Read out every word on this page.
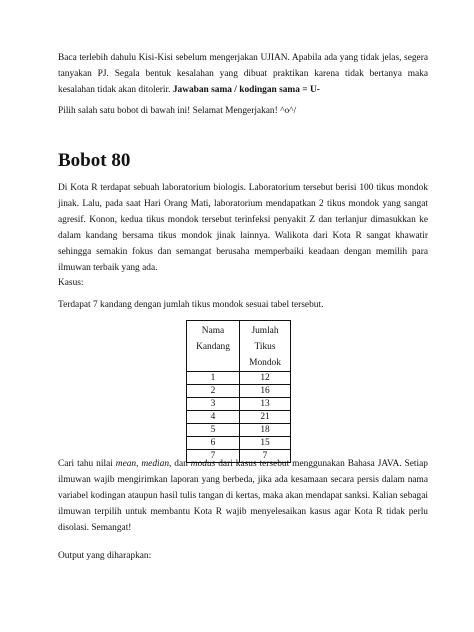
Baca terlebih dahulu Kisi-Kisi sebelum mengerjakan UJIAN. Apabila ada yang tidak jelas, segera tanyakan PJ. Segala bentuk kesalahan yang dibuat praktikan karena tidak bertanya maka kesalahan tidak akan ditolerir. Jawaban sama / kodingan sama = U-

Pilih salah satu bobot di bawah ini! Selamat Mengerjakan! ^o^/

Bobot 80

Di Kota R terdapat sebuah laboratorium biologis. Laboratorium tersebut berisi 100 tikus mondok jinak. Lalu, pada saat Hari Orang Mati, laboratorium mendapatkan 2 tikus mondok yang sangat agresif. Konon, kedua tikus mondok tersebut terinfeksi penyakit Z dan terlanjur dimasukkan ke dalam kandang bersama tikus mondok jinak lainnya. Walikota dari Kota R sangat khawatir sehingga semakin fokus dan semangat berusaha memperbaiki keadaan dengan memilih para ilmuwan terbaik yang ada.

Kasus:

Terdapat 7 kandang dengan jumlah tikus mondok sesuai tabel tersebut.

Nama Kandang	Jumlah Tikus Mondok
1	12
2	16
3	13
4	21
5	18
6	15
7	7

Cari tahu nilai mean, median, dan modus dari kasus tersebut menggunakan Bahasa JAVA. Setiap ilmuwan wajib mengirimkan laporan yang berbeda, jika ada kesamaan secara persis dalam nama variabel kodingan ataupun hasil tulis tangan di kertas, maka akan mendapat sanksi. Kalian sebagai ilmuwan terpilih untuk membantu Kota R wajib menyelesaikan kasus agar Kota R tidak perlu disolasi. Semangat!

Output yang diharapkan:
